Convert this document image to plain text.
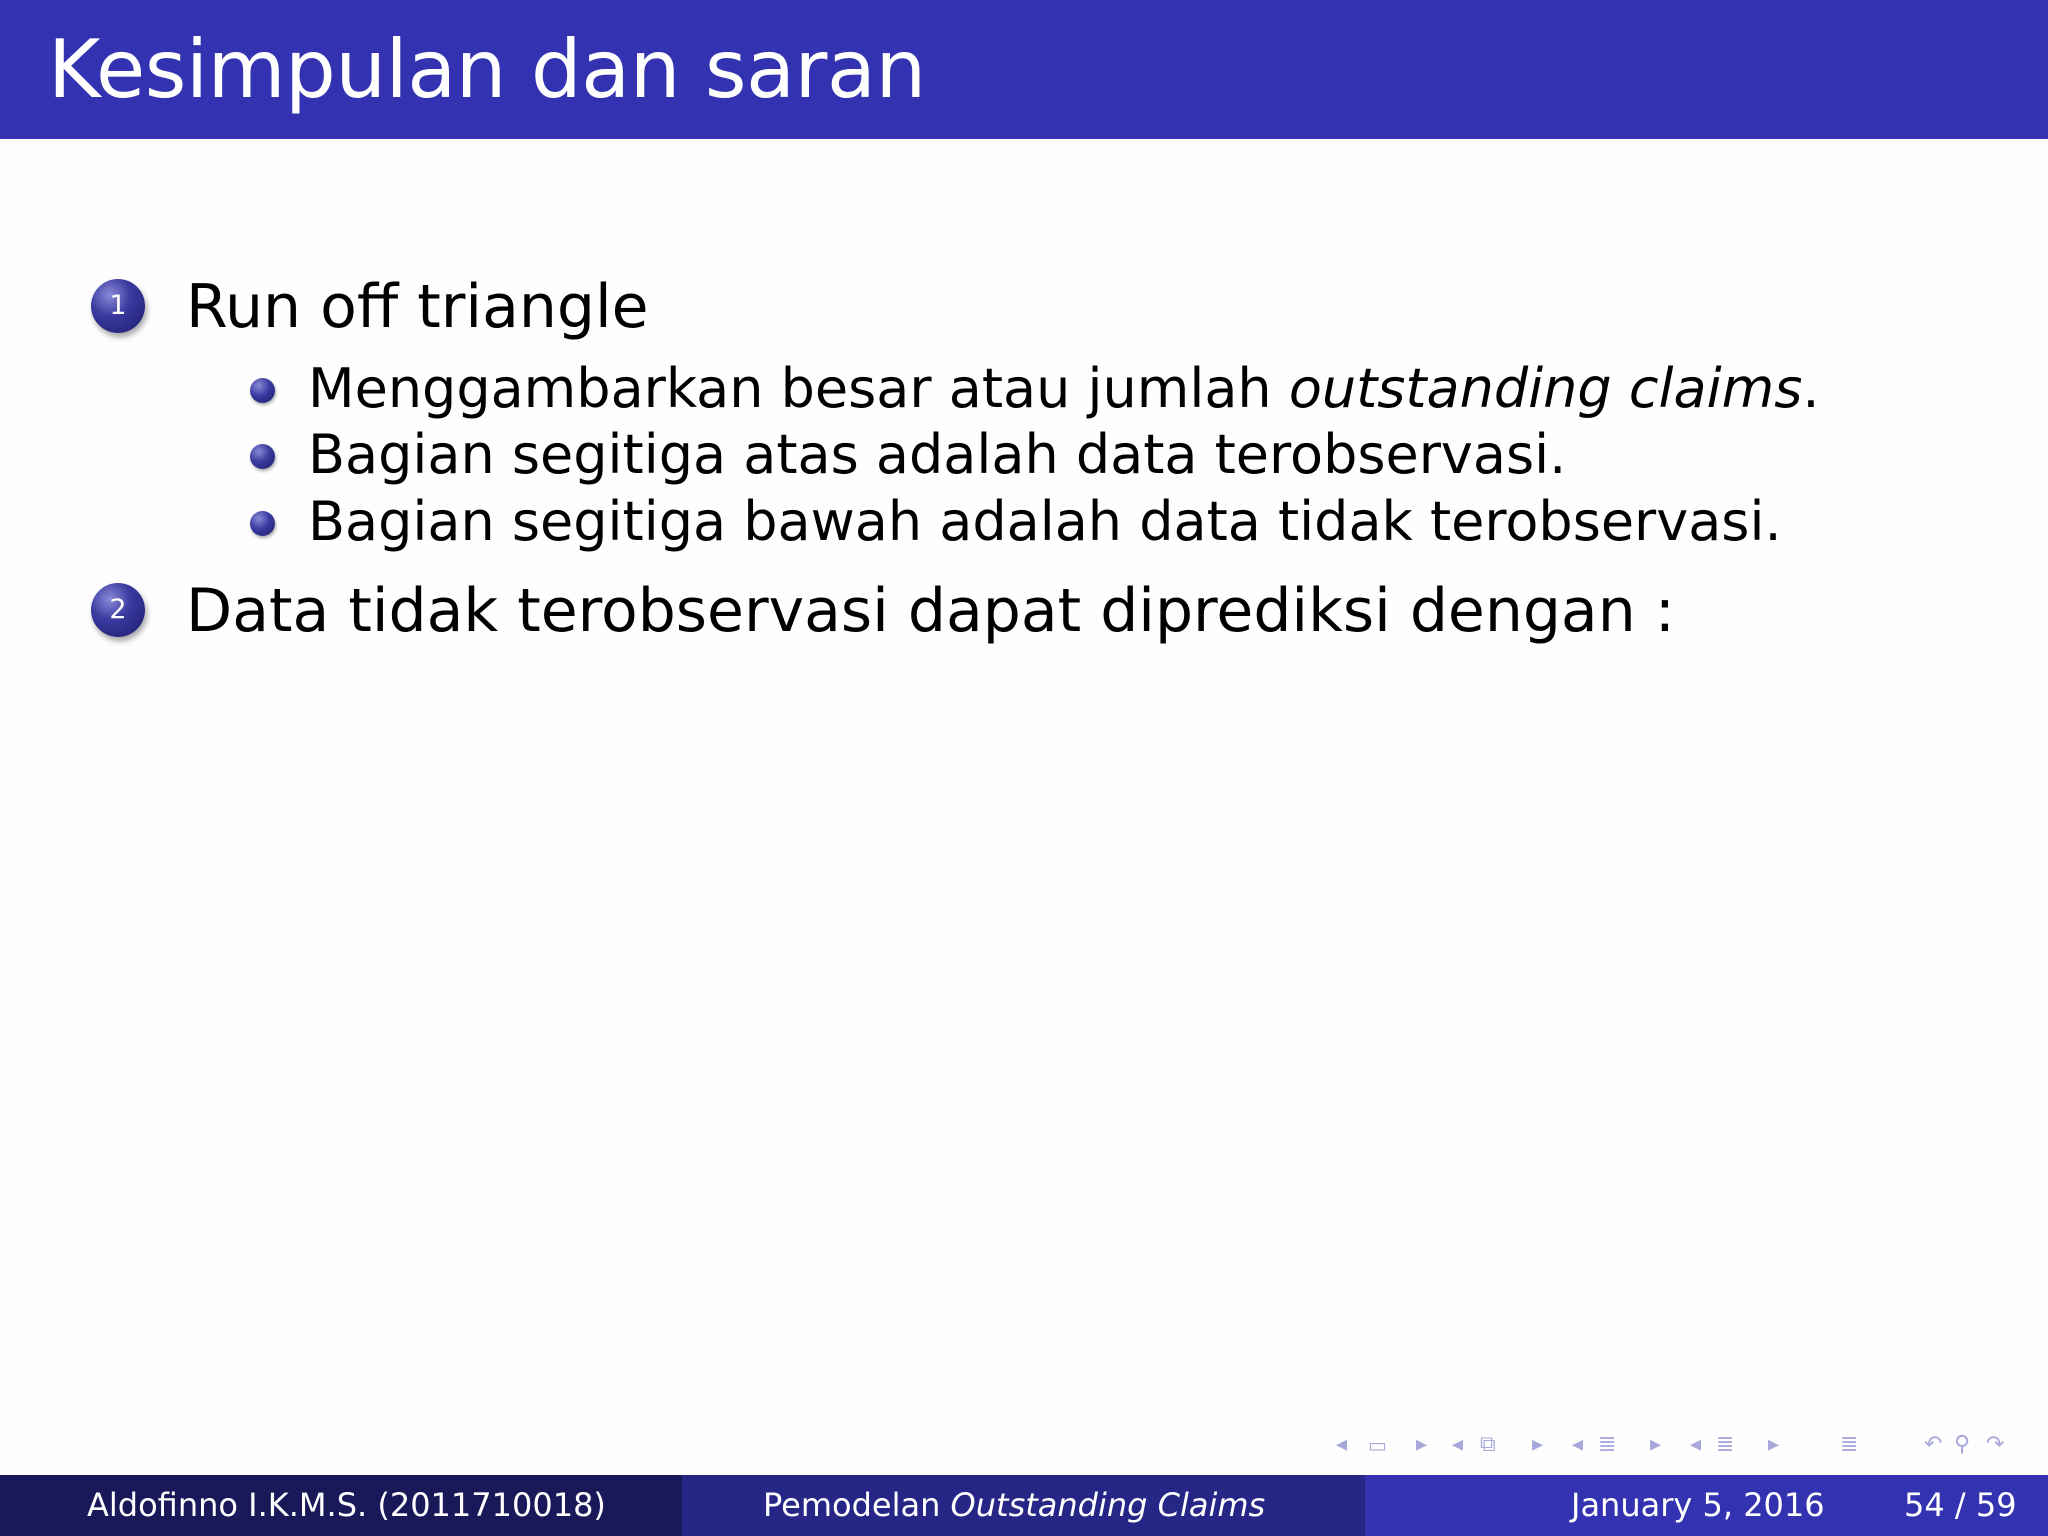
Kesimpulan dan saran
1 Run off triangle
Menggambarkan besar atau jumlah outstanding claims.
Bagian segitiga atas adalah data terobservasi.
Bagian segitiga bawah adalah data tidak terobservasi.
2 Data tidak terobservasi dapat diprediksi dengan :
◂ ▭ ▸ ◂ ⧉ ▸ ◂ ≣ ▸ ◂ ≣ ▸	≣	↶ ⚲ ↷
Aldofinno I.K.M.S. (2011710018)	Pemodelan Outstanding Claims	January 5, 2016 54 / 59
